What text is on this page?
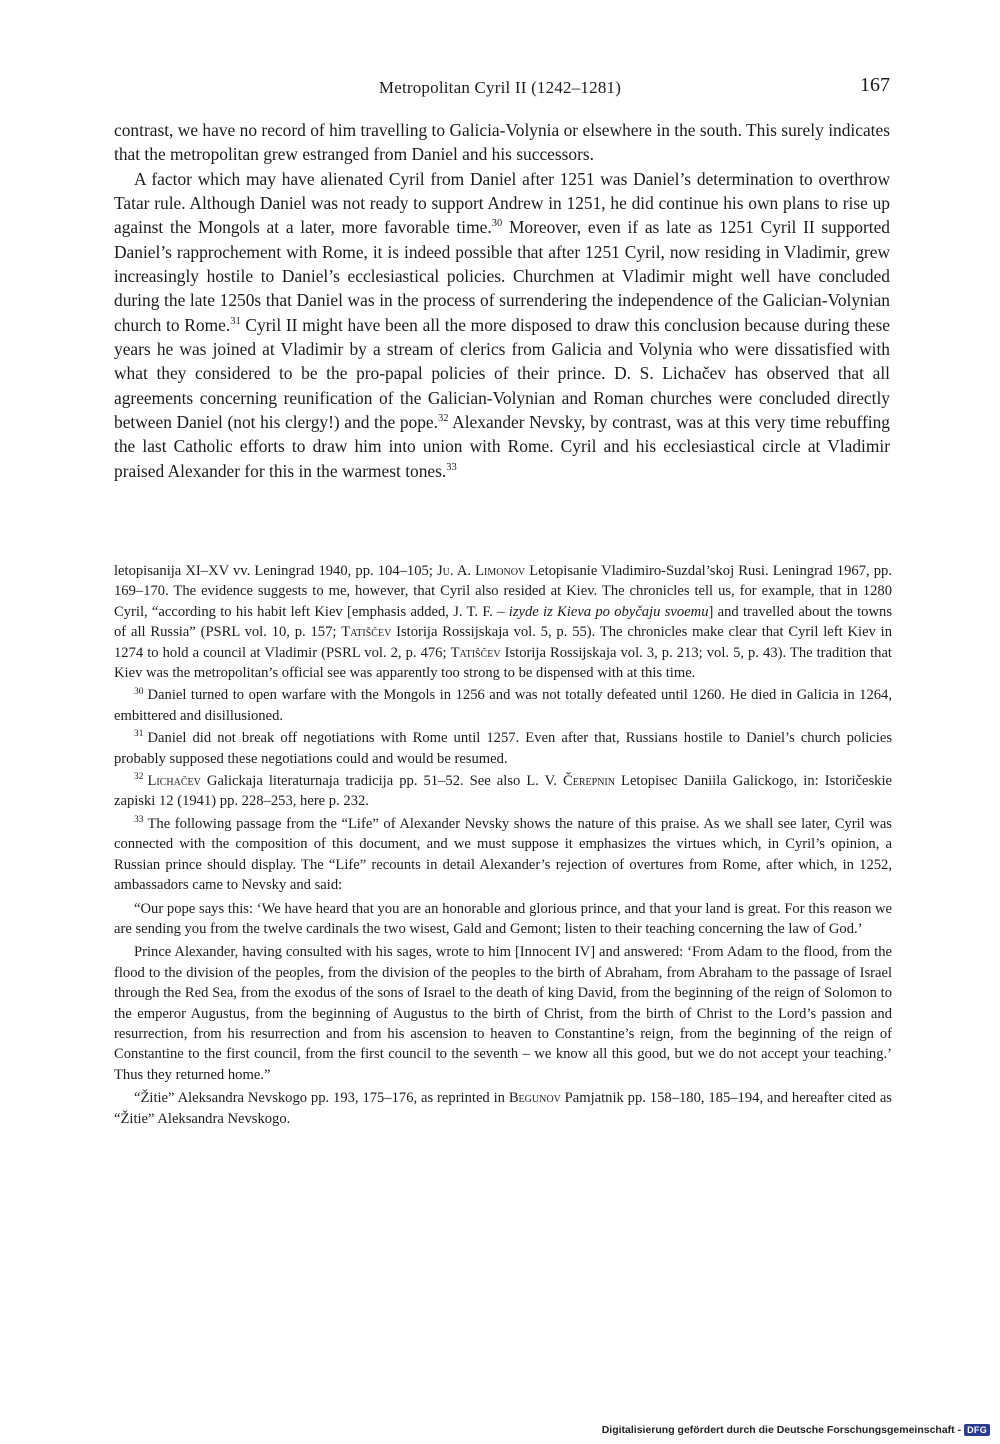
Metropolitan Cyril II (1242–1281)	167

contrast, we have no record of him travelling to Galicia-Volynia or elsewhere in the south. This surely indicates that the metropolitan grew estranged from Daniel and his successors.

A factor which may have alienated Cyril from Daniel after 1251 was Daniel’s determination to overthrow Tatar rule. Although Daniel was not ready to support Andrew in 1251, he did continue his own plans to rise up against the Mongols at a later, more favorable time.$^{30}$ Moreover, even if as late as 1251 Cyril II supported Daniel’s rapprochement with Rome, it is indeed possible that after 1251 Cyril, now residing in Vladimir, grew increasingly hostile to Daniel’s ecclesiastical policies. Churchmen at Vladimir might well have concluded during the late 1250s that Daniel was in the process of surrendering the independence of the Galician-Volynian church to Rome.$^{31}$ Cyril II might have been all the more disposed to draw this conclusion because during these years he was joined at Vladimir by a stream of clerics from Galicia and Volynia who were dissatisfied with what they considered to be the pro-papal policies of their prince. D. S. Lichačev has observed that all agreements concerning reunification of the Galician-Volynian and Roman churches were concluded directly between Daniel (not his clergy!) and the pope.$^{32}$ Alexander Nevsky, by contrast, was at this very time rebuffing the last Catholic efforts to draw him into union with Rome. Cyril and his ecclesiastical circle at Vladimir praised Alexander for this in the warmest tones.$^{33}$

letopisanija XI–XV vv. Leningrad 1940, pp. 104–105; Ju. A. Limonov Letopisanie Vladimiro-Suzdal’skoj Rusi. Leningrad 1967, pp. 169–170. The evidence suggests to me, however, that Cyril also resided at Kiev. The chronicles tell us, for example, that in 1280 Cyril, “according to his habit left Kiev [emphasis added, J. T. F. – izyde iz Kieva po obyčaju svoemu] and travelled about the towns of all Russia” (PSRL vol. 10, p. 157; Tatiščev Istorija Rossijskaja vol. 5, p. 55). The chronicles make clear that Cyril left Kiev in 1274 to hold a council at Vladimir (PSRL vol. 2, p. 476; Tatiščev Istorija Rossijskaja vol. 3, p. 213; vol. 5, p. 43). The tradition that Kiev was the metropolitan’s official see was apparently too strong to be dispensed with at this time.

$^{30}$ Daniel turned to open warfare with the Mongols in 1256 and was not totally defeated until 1260. He died in Galicia in 1264, embittered and disillusioned.

$^{31}$ Daniel did not break off negotiations with Rome until 1257. Even after that, Russians hostile to Daniel’s church policies probably supposed these negotiations could and would be resumed.

$^{32}$ Lichačev Galickaja literaturnaja tradicija pp. 51–52. See also L. V. Čerepnin Letopisec Daniila Galickogo, in: Istoričeskie zapiski 12 (1941) pp. 228–253, here p. 232.

$^{33}$ The following passage from the “Life” of Alexander Nevsky shows the nature of this praise. As we shall see later, Cyril was connected with the composition of this document, and we must suppose it emphasizes the virtues which, in Cyril’s opinion, a Russian prince should display. The “Life” recounts in detail Alexander’s rejection of overtures from Rome, after which, in 1252, ambassadors came to Nevsky and said:

“Our pope says this: ‘We have heard that you are an honorable and glorious prince, and that your land is great. For this reason we are sending you from the twelve cardinals the two wisest, Gald and Gemont; listen to their teaching concerning the law of God.’

Prince Alexander, having consulted with his sages, wrote to him [Innocent IV] and answered: ‘From Adam to the flood, from the flood to the division of the peoples, from the division of the peoples to the birth of Abraham, from Abraham to the passage of Israel through the Red Sea, from the exodus of the sons of Israel to the death of king David, from the beginning of the reign of Solomon to the emperor Augustus, from the beginning of Augustus to the birth of Christ, from the birth of Christ to the Lord’s passion and resurrection, from his resurrection and from his ascension to heaven to Constantine’s reign, from the beginning of the reign of Constantine to the first council, from the first council to the seventh – we know all this good, but we do not accept your teaching.’ Thus they returned home.”

“Žitie” Aleksandra Nevskogo pp. 193, 175–176, as reprinted in Begunov Pamjatnik pp. 158–180, 185–194, and hereafter cited as “Žitie” Aleksandra Nevskogo.

Digitalisierung gefördert durch die Deutsche Forschungsgemeinschaft - DFG
